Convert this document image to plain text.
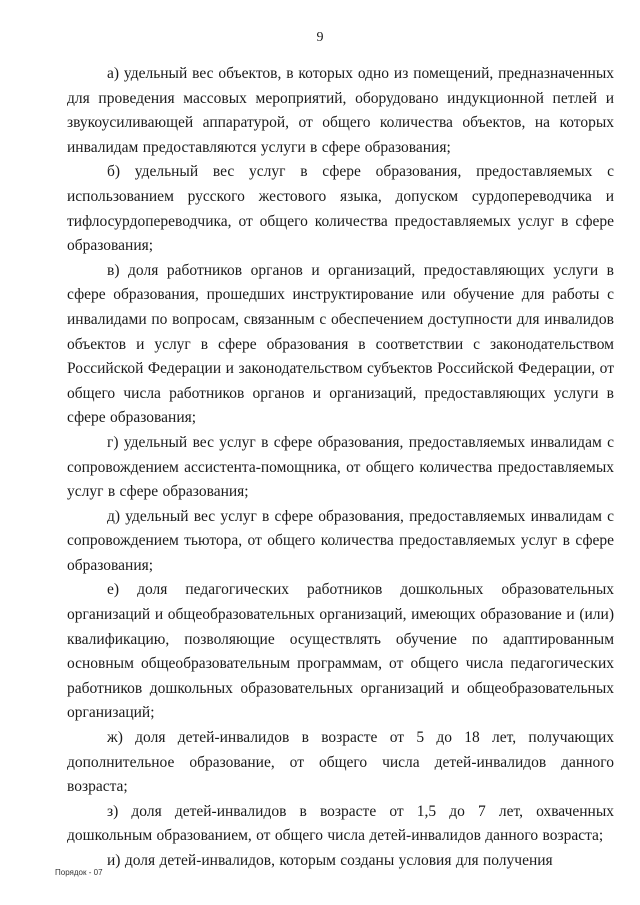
9

а) удельный вес объектов, в которых одно из помещений, предназначенных для проведения массовых мероприятий, оборудовано индукционной петлей и звукоусиливающей аппаратурой, от общего количества объектов, на которых инвалидам предоставляются услуги в сфере образования;

б) удельный вес услуг в сфере образования, предоставляемых с использованием русского жестового языка, допуском сурдопереводчика и тифлосурдопереводчика, от общего количества предоставляемых услуг в сфере образования;

в) доля работников органов и организаций, предоставляющих услуги в сфере образования, прошедших инструктирование или обучение для работы с инвалидами по вопросам, связанным с обеспечением доступности для инвалидов объектов и услуг в сфере образования в соответствии с законодательством Российской Федерации и законодательством субъектов Российской Федерации, от общего числа работников органов и организаций, предоставляющих услуги в сфере образования;

г) удельный вес услуг в сфере образования, предоставляемых инвалидам с сопровождением ассистента-помощника, от общего количества предоставляемых услуг в сфере образования;

д) удельный вес услуг в сфере образования, предоставляемых инвалидам с сопровождением тьютора, от общего количества предоставляемых услуг в сфере образования;

е) доля педагогических работников дошкольных образовательных организаций и общеобразовательных организаций, имеющих образование и (или) квалификацию, позволяющие осуществлять обучение по адаптированным основным общеобразовательным программам, от общего числа педагогических работников дошкольных образовательных организаций и общеобразовательных организаций;

ж) доля детей-инвалидов в возрасте от 5 до 18 лет, получающих дополнительное образование, от общего числа детей-инвалидов данного возраста;

з) доля детей-инвалидов в возрасте от 1,5 до 7 лет, охваченных дошкольным образованием, от общего числа детей-инвалидов данного возраста;

и) доля детей-инвалидов, которым созданы условия для получения

Порядок - 07
